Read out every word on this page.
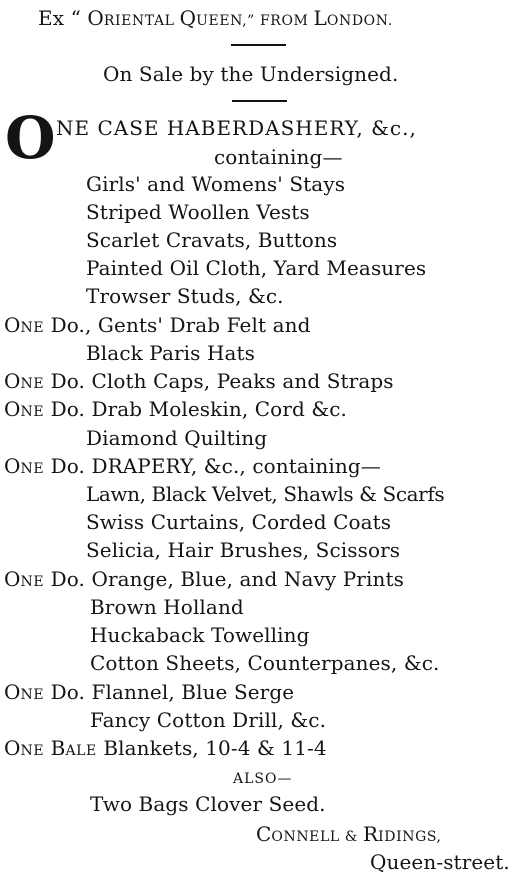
Ex “ ORIENTAL QUEEN,” FROM LONDON.
On Sale by the Undersigned.
O NE CASE HABERDASHERY, &c.,
containing—
Girls' and Womens' Stays
Striped Woollen Vests
Scarlet Cravats, Buttons
Painted Oil Cloth, Yard Measures
Trowser Studs, &c.
ONE Do., Gents' Drab Felt and
Black Paris Hats
ONE Do. Cloth Caps, Peaks and Straps
ONE Do. Drab Moleskin, Cord &c.
Diamond Quilting
ONE Do. DRAPERY, &c., containing—
Lawn, Black Velvet, Shawls & Scarfs
Swiss Curtains, Corded Coats
Selicia, Hair Brushes, Scissors
ONE Do. Orange, Blue, and Navy Prints
Brown Holland
Huckaback Towelling
Cotton Sheets, Counterpanes, &c.
ONE Do. Flannel, Blue Serge
Fancy Cotton Drill, &c.
ONE BALE Blankets, 10-4 & 11-4
ALSO—
Two Bags Clover Seed.
CONNELL & RIDINGS,
Queen-street.
